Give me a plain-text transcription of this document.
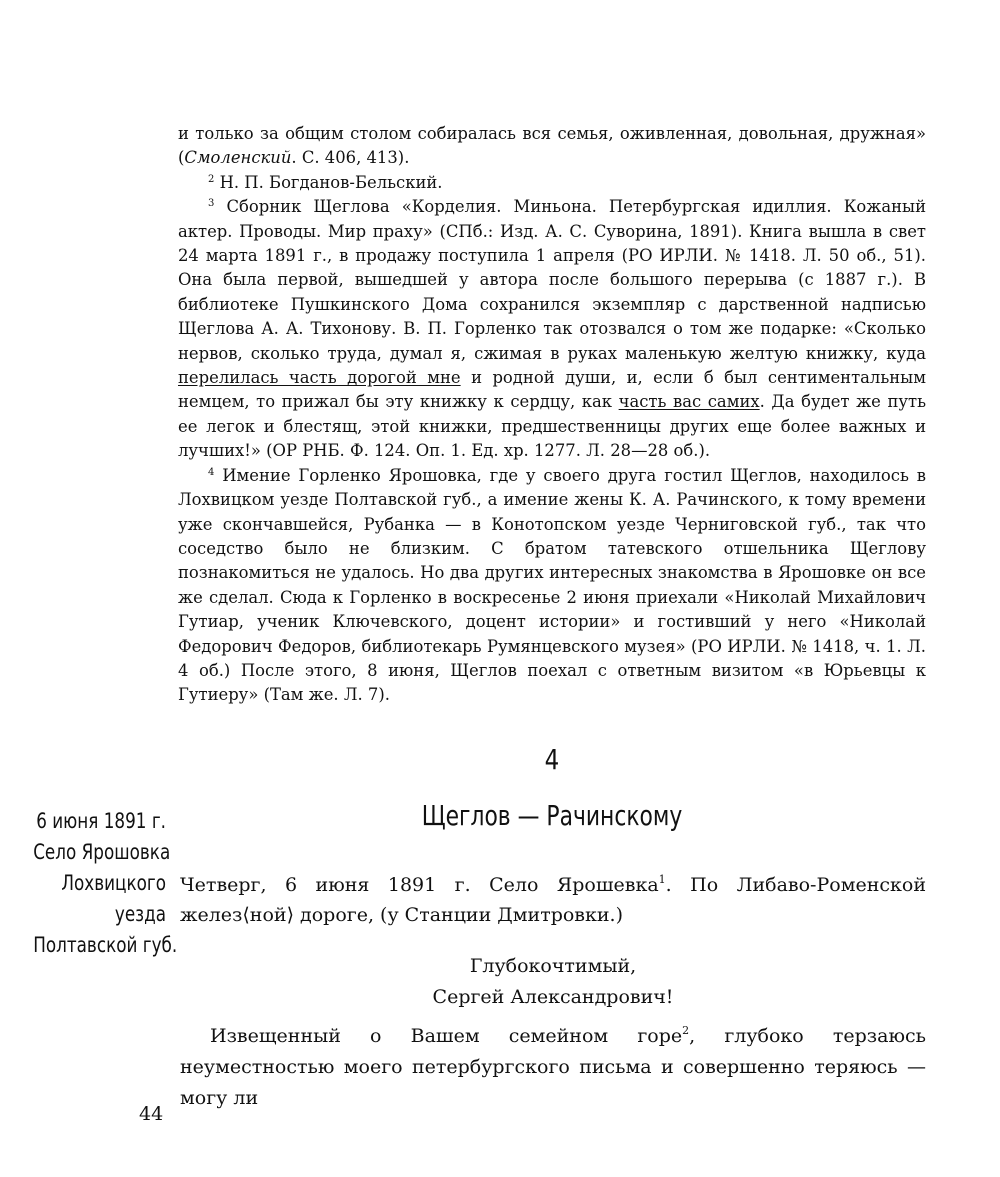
и только за общим столом собиралась вся семья, оживленная, довольная, дружная» (Смоленский. С. 406, 413).

$^2$ Н. П. Богданов-Бельский.

$^3$ Сборник Щеглова «Корделия. Миньона. Петербургская идиллия. Кожаный актер. Проводы. Мир праху» (СПб.: Изд. А. С. Суворина, 1891). Книга вышла в свет 24 марта 1891 г., в продажу поступила 1 апреля (РО ИРЛИ. № 1418. Л. 50 об., 51). Она была первой, вышедшей у автора после большого перерыва (с 1887 г.). В библиотеке Пушкинского Дома сохранился экземпляр с дарственной надписью Щеглова А. А. Тихонову. В. П. Горленко так отозвался о том же подарке: «Сколько нервов, сколько труда, думал я, сжимая в руках маленькую желтую книжку, куда перелилась часть дорогой мне и родной души, и, если б был сентиментальным немцем, то прижал бы эту книжку к сердцу, как часть вас самих. Да будет же путь ее легок и блестящ, этой книжки, предшественницы других еще более важных и лучших!» (ОР РНБ. Ф. 124. Оп. 1. Ед. хр. 1277. Л. 28—28 об.).

$^4$ Имение Горленко Ярошовка, где у своего друга гостил Щеглов, находилось в Лохвицком уезде Полтавской губ., а имение жены К. А. Рачинского, к тому времени уже скончавшейся, Рубанка — в Конотопском уезде Черниговской губ., так что соседство было не близким. С братом татевского отшельника Щеглову познакомиться не удалось. Но два других интересных знакомства в Ярошовке он все же сделал. Сюда к Горленко в воскресенье 2 июня приехали «Николай Михайлович Гутиар, ученик Ключевского, доцент истории» и гостивший у него «Николай Федорович Федоров, библиотекарь Румянцевского музея» (РО ИРЛИ. № 1418, ч. 1. Л. 4 об.) После этого, 8 июня, Щеглов поехал с ответным визитом «в Юрьевцы к Гутиеру» (Там же. Л. 7).

4
Щеглов — Рачинскому
6 июня 1891 г.
Село Ярошовка
Лохвицкого
уезда
Полтавской губ.
Четверг, 6 июня 1891 г. Село Ярошевка$^1$. По Либаво-Роменской желез⟨ной⟩ дороге, (у Станции Дмитровки.)
Глубокочтимый,
Сергей Александрович!

Извещенный о Вашем семейном горе$^2$, глубоко терзаюсь неуместностью моего петербургского письма и совершенно теряюсь — могу ли

44
